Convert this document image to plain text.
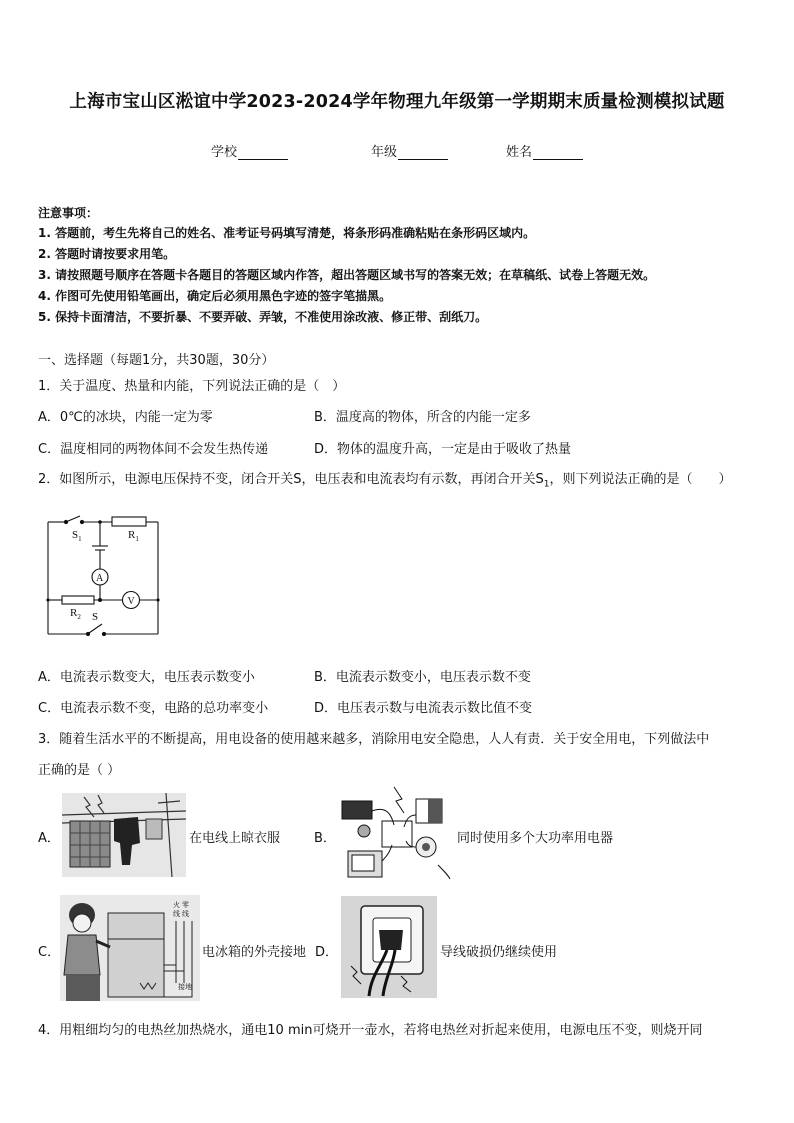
上海市宝山区淞谊中学2023-2024学年物理九年级第一学期期末质量检测模拟试题
学校	年级	姓名
注意事项：
1. 答题前，考生先将自己的姓名、准考证号码填写清楚，将条形码准确粘贴在条形码区域内。
2. 答题时请按要求用笔。
3. 请按照题号顺序在答题卡各题目的答题区域内作答，超出答题区域书写的答案无效；在草稿纸、试卷上答题无效。
4. 作图可先使用铅笔画出，确定后必须用黑色字迹的签字笔描黑。
5. 保持卡面清洁，不要折暴、不要弄破、弄皱，不准使用涂改液、修正带、刮纸刀。
一、选择题（每题1分，共30题，30分）
1．关于温度、热量和内能，下列说法正确的是（　）
A．0℃的冰块，内能一定为零	B．温度高的物体，所含的内能一定多
C．温度相同的两物体间不会发生热传递	D．物体的温度升高，一定是由于吸收了热量
2．如图所示，电源电压保持不变，闭合开关S，电压表和电流表均有示数，再闭合开关$S_1$，则下列说法正确的是（　　）
$S_1$	$R_1$
A
V
$R_2$ S
A．电流表示数变大，电压表示数变小	B．电流表示数变小，电压表示数不变
C．电流表示数不变，电路的总功率变小	D．电压表示数与电流表示数比值不变
3．随着生活水平的不断提高，用电设备的使用越来越多，消除用电安全隐患，人人有责．关于安全用电，下列做法中
正确的是（ ）
A．	在电线上晾衣服	B．	同时使用多个大功率用电器
C．
火 零
线 线
接地
电冰箱的外壳接地 D．	导线破损仍继续使用
4．用粗细均匀的电热丝加热烧水，通电10 min可烧开一壶水，若将电热丝对折起来使用，电源电压不变，则烧开同
